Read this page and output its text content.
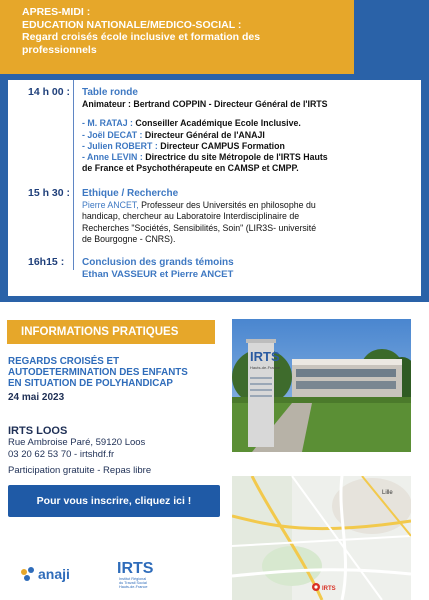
APRES-MIDI :
EDUCATION NATIONALE/MEDICO-SOCIAL :
Regard croisés école inclusive et formation des
professionnels
14 h 00 : Table ronde
Animateur : Bertrand COPPIN - Directeur Général de l'IRTS
- M. RATAJ : Conseiller Académique Ecole Inclusive.
- Joël DECAT : Directeur Général de l'ANAJI
- Julien ROBERT : Directeur CAMPUS Formation
- Anne LEVIN : Directrice du site Métropole de l'IRTS Hauts
de France et Psychothérapeute en CAMSP et CMPP.
15 h 30 : Ethique / Recherche
Pierre ANCET, Professeur des Universités en philosophe du
handicap, chercheur au Laboratoire Interdisciplinaire de
Recherches "Sociétés, Sensibilités, Soin" (LIR3S- université
de Bourgogne - CNRS).
16h15 :	Conclusion des grands témoins
Ethan VASSEUR et Pierre ANCET
INFORMATIONS PRATIQUES
REGARDS CROISÉS ET
AUTODETERMINATION DES ENFANTS
EN SITUATION DE POLYHANDICAP
24 mai 2023
IRTS LOOS
Rue Ambroise Paré, 59120 Loos
03 20 62 53 70 - irtshdf.fr
Participation gratuite - Repas libre
Pour vous inscrire, cliquez ici !
IRTS
Hauts-de-France
Lille
IRTS
anaji	IRTS
Institut Régional
du Travail Social
Hauts-de-France
